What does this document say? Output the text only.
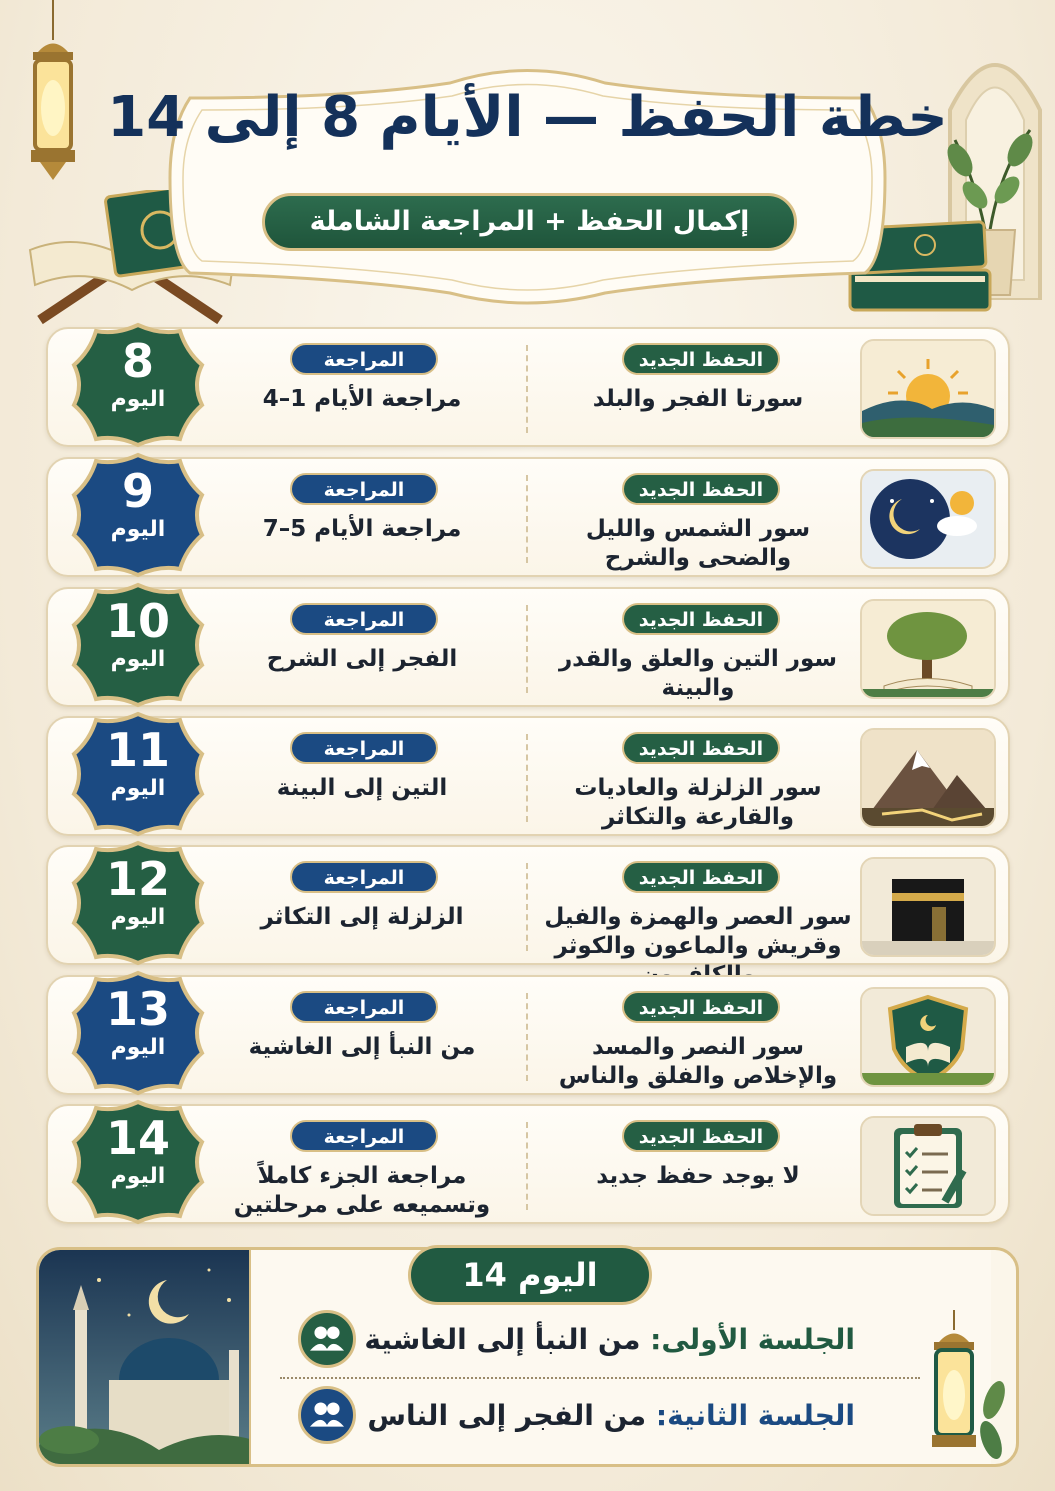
خطة الحفظ — الأيام 8 إلى 14
إكمال الحفظ + المراجعة الشاملة
الحفظ الجديد
سورتا الفجر والبلد
المراجعة
مراجعة الأيام 1–4
8
اليوم
الحفظ الجديد
سور الشمس والليل والضحى والشرح
المراجعة
مراجعة الأيام 5–7
9
اليوم
الحفظ الجديد
سور التين والعلق والقدر والبينة
المراجعة
الفجر إلى الشرح
10
اليوم
الحفظ الجديد
سور الزلزلة والعاديات والقارعة والتكاثر
المراجعة
التين إلى البينة
11
اليوم
الحفظ الجديد
سور العصر والهمزة والفيل وقريش والماعون والكوثر
المراجعة
الزلزلة إلى التكاثر
12
اليوم
الحفظ الجديد
سور النصر والمسد والإخلاص والفلق والناس
المراجعة
من النبأ إلى الغاشية
13
اليوم
الحفظ الجديد
لا يوجد حفظ جديد
المراجعة
مراجعة الجزء كاملاً وتسميعه على مرحلتين
14
اليوم
اليوم 14
الجلسة الأولى: من النبأ إلى الغاشية
الجلسة الثانية: من الفجر إلى الناس
